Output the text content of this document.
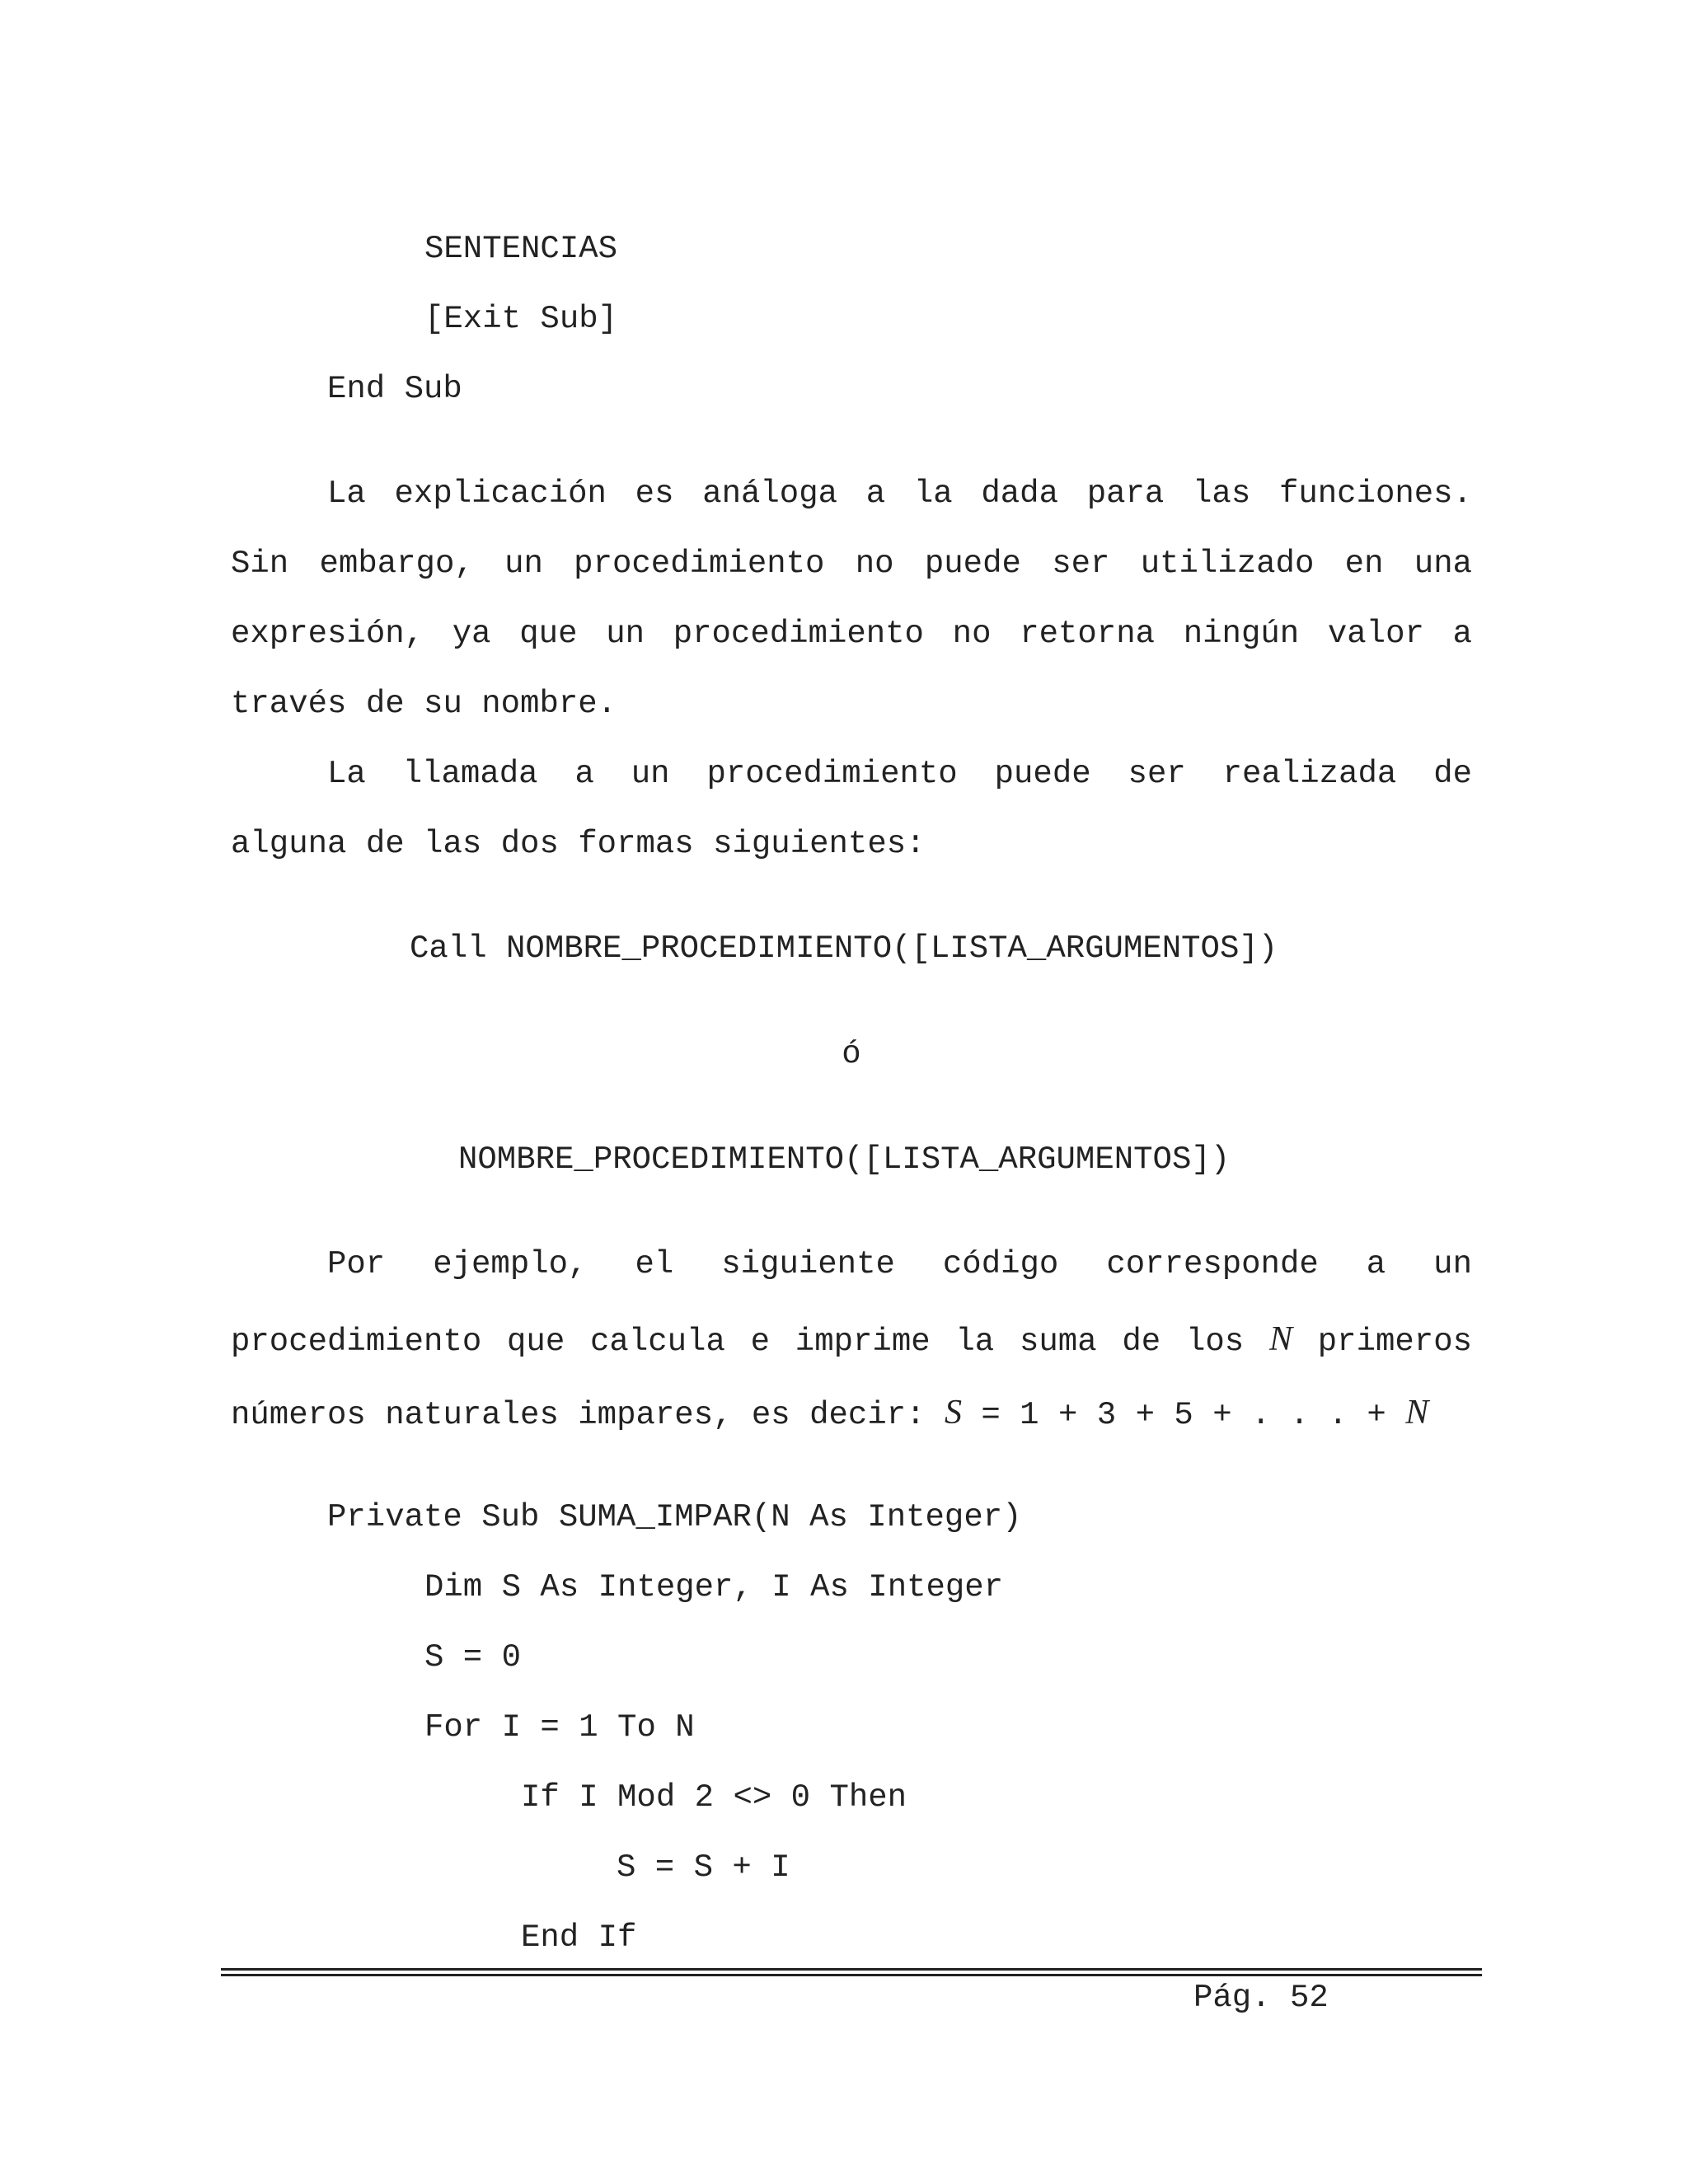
SENTENCIAS
[Exit Sub]
End Sub
La explicación es análoga a la dada para las funciones.
Sin embargo, un procedimiento no puede ser utilizado en una
expresión, ya que un procedimiento no retorna ningún valor a
través de su nombre.
La llamada a un procedimiento puede ser realizada de
alguna de las dos formas siguientes:
Call NOMBRE_PROCEDIMIENTO([LISTA_ARGUMENTOS])
ó
NOMBRE_PROCEDIMIENTO([LISTA_ARGUMENTOS])
Por ejemplo, el siguiente código corresponde a un
procedimiento que calcula e imprime la suma de los N primeros
números naturales impares, es decir: S = 1 + 3 + 5 + . . . + N
Private Sub SUMA_IMPAR(N As Integer)
Dim S As Integer, I As Integer
S = 0
For I = 1 To N
If I Mod 2 <> 0 Then
S = S + I
End If
Pág. 52
